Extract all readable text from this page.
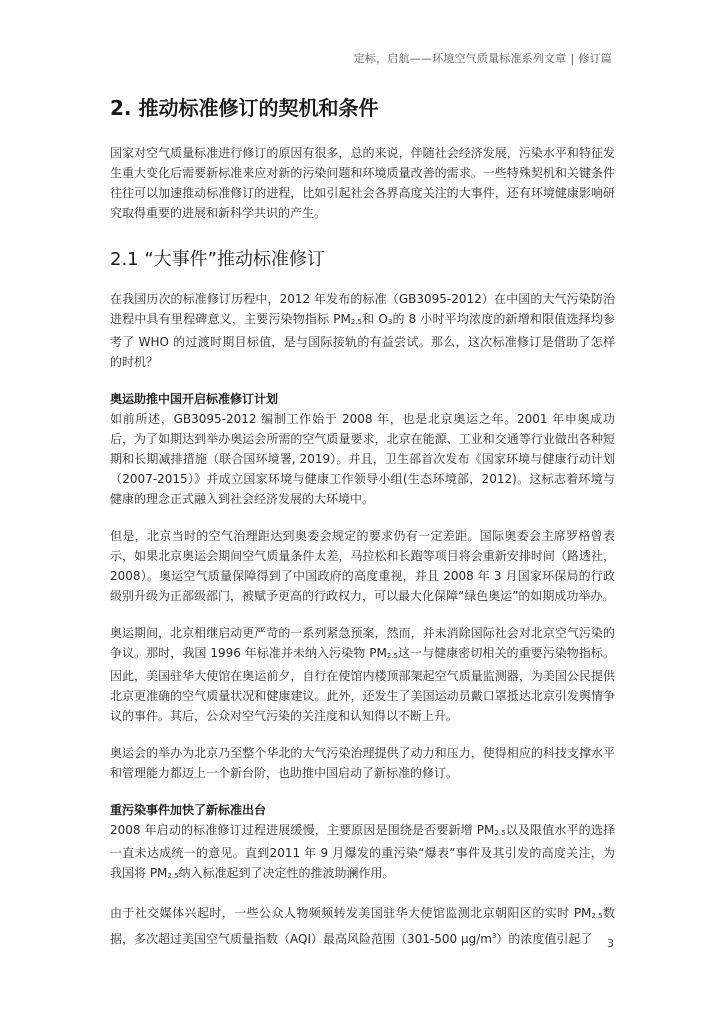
定标，启航——环境空气质量标准系列文章 | 修订篇
2. 推动标准修订的契机和条件

国家对空气质量标准进行修订的原因有很多，总的来说，伴随社会经济发展，污染水平和特征发生重大变化后需要新标准来应对新的污染问题和环境质量改善的需求。一些特殊契机和关键条件往往可以加速推动标准修订的进程，比如引起社会各界高度关注的大事件，还有环境健康影响研究取得重要的进展和新科学共识的产生。

2.1 “大事件”推动标准修订

在我国历次的标准修订历程中，2012 年发布的标准（GB3095-2012）在中国的大气污染防治进程中具有里程碑意义，主要污染物指标 $PM_{2.5}$和 $O_3$的 8 小时平均浓度的新增和限值选择均参考了 WHO 的过渡时期目标值，是与国际接轨的有益尝试。那么，这次标准修订是借助了怎样的时机？

奥运助推中国开启标准修订计划

如前所述，GB3095-2012 编制工作始于 2008 年，也是北京奥运之年。2001 年申奥成功后，为了如期达到举办奥运会所需的空气质量要求，北京在能源、工业和交通等行业做出各种短期和长期减排措施（联合国环境署, 2019）。并且，卫生部首次发布《国家环境与健康行动计划（2007-2015）》并成立国家环境与健康工作领导小组(生态环境部，2012)。这标志着环境与健康的理念正式融入到社会经济发展的大环境中。

但是，北京当时的空气治理距达到奥委会规定的要求仍有一定差距。国际奥委会主席罗格曾表示，如果北京奥运会期间空气质量条件太差，马拉松和长跑等项目将会重新安排时间（路透社，2008）。奥运空气质量保障得到了中国政府的高度重视，并且 2008 年 3 月国家环保局的行政级别升级为正部级部门，被赋予更高的行政权力，可以最大化保障“绿色奥运”的如期成功举办。

奥运期间，北京相继启动更严苛的一系列紧急预案，然而，并未消除国际社会对北京空气污染的争议。那时，我国 1996 年标准并未纳入污染物 $PM_{2.5}$这一与健康密切相关的重要污染物指标。因此，美国驻华大使馆在奥运前夕，自行在使馆内楼顶部架起空气质量监测器，为美国公民提供北京更准确的空气质量状况和健康建议。此外，还发生了美国运动员戴口罩抵达北京引发舆情争议的事件。其后，公众对空气污染的关注度和认知得以不断上升。

奥运会的举办为北京乃至整个华北的大气污染治理提供了动力和压力，使得相应的科技支撑水平和管理能力都迈上一个新台阶，也助推中国启动了新标准的修订。

重污染事件加快了新标准出台

2008 年启动的标准修订过程进展缓慢，主要原因是围绕是否要新增 $PM_{2.5}$以及限值水平的选择一直未达成统一的意见。直到2011 年 9 月爆发的重污染“爆表”事件及其引发的高度关注，为我国将 $PM_{2.5}$纳入标准起到了决定性的推波助澜作用。

由于社交媒体兴起时，一些公众人物频频转发美国驻华大使馆监测北京朝阳区的实时 $PM_{2.5}$数据，多次超过美国空气质量指数（AQI）最高风险范围（301-500 $\mu g/m^3$）的浓度值引起了	3
